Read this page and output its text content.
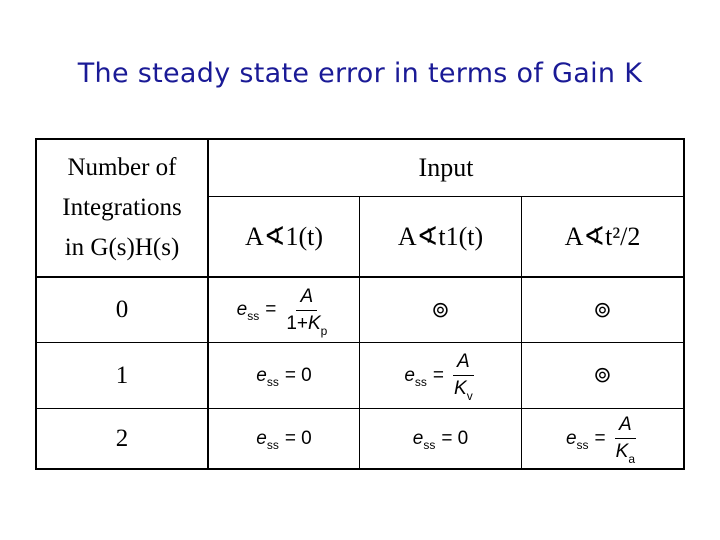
The steady state error in terms of Gain K
Number of
Integrations
in G(s)H(s)
Input
A∢1(t)	A∢t1(t)	A∢t²/2
0	e ss = $\frac{A}{1+K_p}$	⊚	⊚
1	e ss = 0	e ss = $\frac{A}{K_v}$	⊚
2	e ss = 0	e ss = 0	e ss = $\frac{A}{K_a}$
